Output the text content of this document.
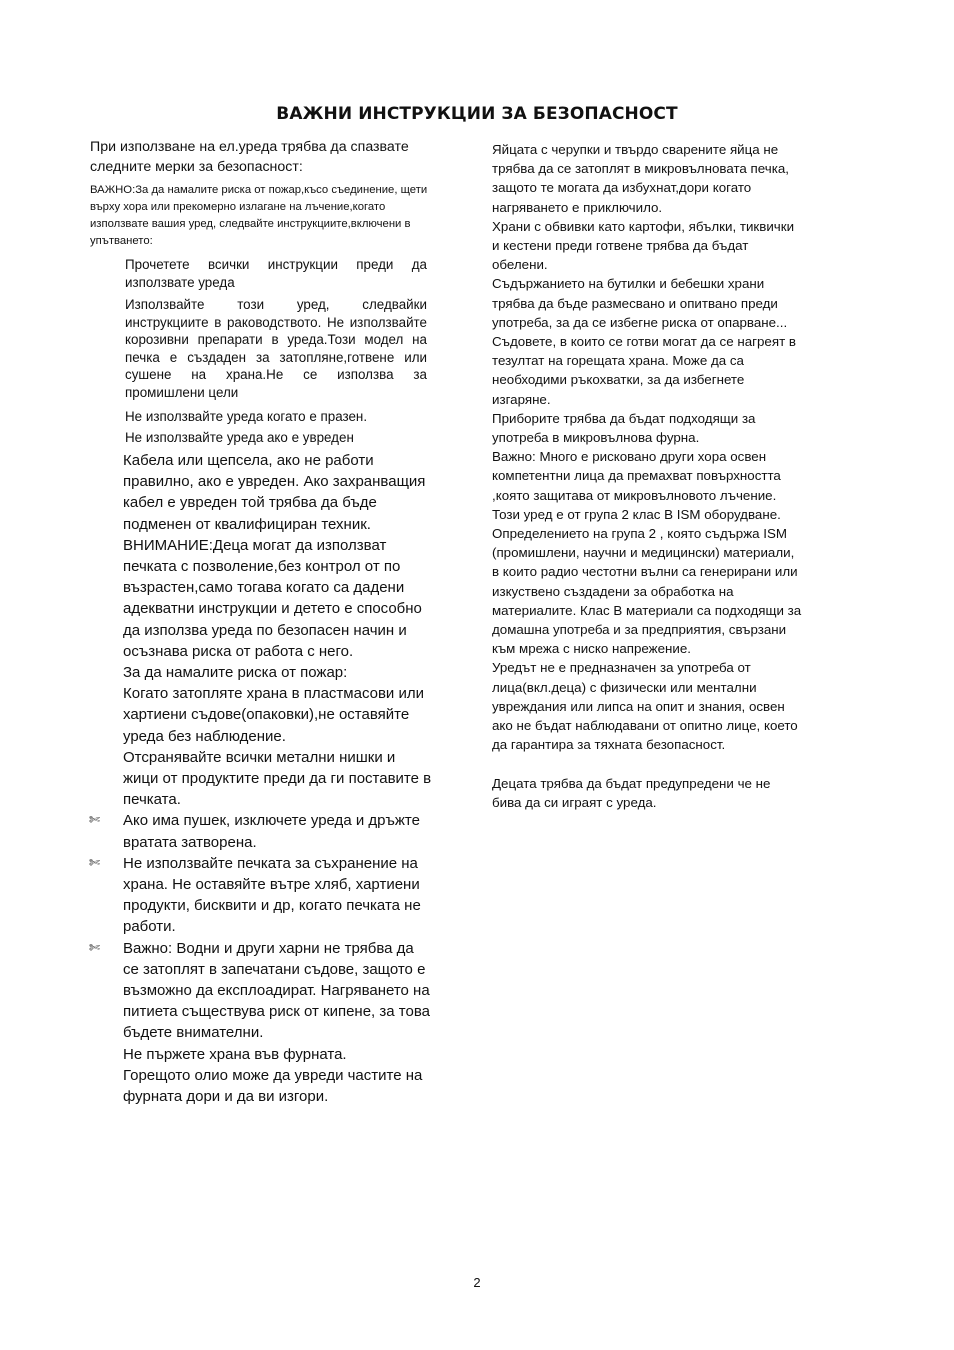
ВАЖНИ ИНСТРУКЦИИ ЗА БЕЗОПАСНОСТ

При използване на ел.уреда трябва да спазвате следните мерки за безопасност:

ВАЖНО:За да намалите риска от пожар,късо съединение, щети върху хора или прекомерно излагане на лъчение,когато използвате вашия уред, следвайте инструкциите,включени в упътването:

Прочетете всички инструкции преди да използвате уреда

Използвайте този уред, следвайки инструкциите в раководството. Не използвайте корозивни препарати в уреда.Този модел на печка е създаден за затопляне,готвене или сушене на храна.Не се използва за промишлени цели

Не използвайте уреда когато е празен.

Не използвайте уреда ако е увреден

Кабела или щепсела, ако не работи правилно, ако е увреден. Ако захранващия кабел е увреден той трябва да бъде подменен от квалифициран техник.

ВНИМАНИЕ:Деца могат да използват печката с позволение,без контрол от по възрастен,само тогава когато са дадени адекватни инструкции и детето е способно да използва уреда по безопасен начин и осъзнава риска от работа с него.

За да намалите риска от пожар:

Когато затопляте храна в пластмасови или хартиени съдове(опаковки),не оставяйте уреда без наблюдение.

Отсранявайте всички метални нишки и жици от продуктите преди да ги поставите в печката.

✄	Ако има пушек, изключете уреда и дръжте вратата затворена.

✄	Не използвайте печката за съхранение на храна. Не оставяйте вътре хляб, хартиени продукти, бисквити и др, когато печката не работи.

✄	Важно: Водни и други харни не трябва да се затоплят в запечатани съдове, защото е възможно да експлоадират. Нагряването на питиета съществува риск от кипене, за това бъдете внимателни.

Не пържете храна във фурната.

Горещото олио може да увреди частите на фурната дори и да ви изгори.

Яйцата с черупки и твърдо сварените яйца не трябва да се затоплят в микровълновата печка, защото те могата да избухнат,дори когато нагряването е приключило.

Храни с обвивки като картофи, ябълки, тиквички и кестени преди готвене трябва да бъдат обелени.

Съдържанието на бутилки и бебешки храни трябва да бъде размесвано и опитвано преди употреба, за да се избегне риска от опарване...

Съдовете, в които се готви могат да се нагреят в тезултат на горещата храна. Може да са необходими ръкохватки, за да избегнете изгаряне.

Приборите трябва да бъдат подходящи за употреба в микровълнова фурна.

Важно: Много е рисковано други хора освен компетентни лица да премахват повърхността ,която защитава от микровълновото лъчение.

Този уред е от група 2 клас В ISM оборудване. Определението на група 2 , която съдържа ISM (промишлени, научни и медицински) материали, в които радио честотни вълни са генерирани или изкуствено създадени за обработка на материалите. Клас В материали са подходящи за домашна употреба и за предприятия, свързани към мрежа с ниско напрежение.

Уредът не е предназначен за употреба от лица(вкл.деца) с физически или ментални увреждания или липса на опит и знания, освен ако не бъдат наблюдавани от опитно лице, което да гарантира за тяхната безопасност.

Децата трябва да бъдат предупредени че не бива да си играят с уреда.

2
